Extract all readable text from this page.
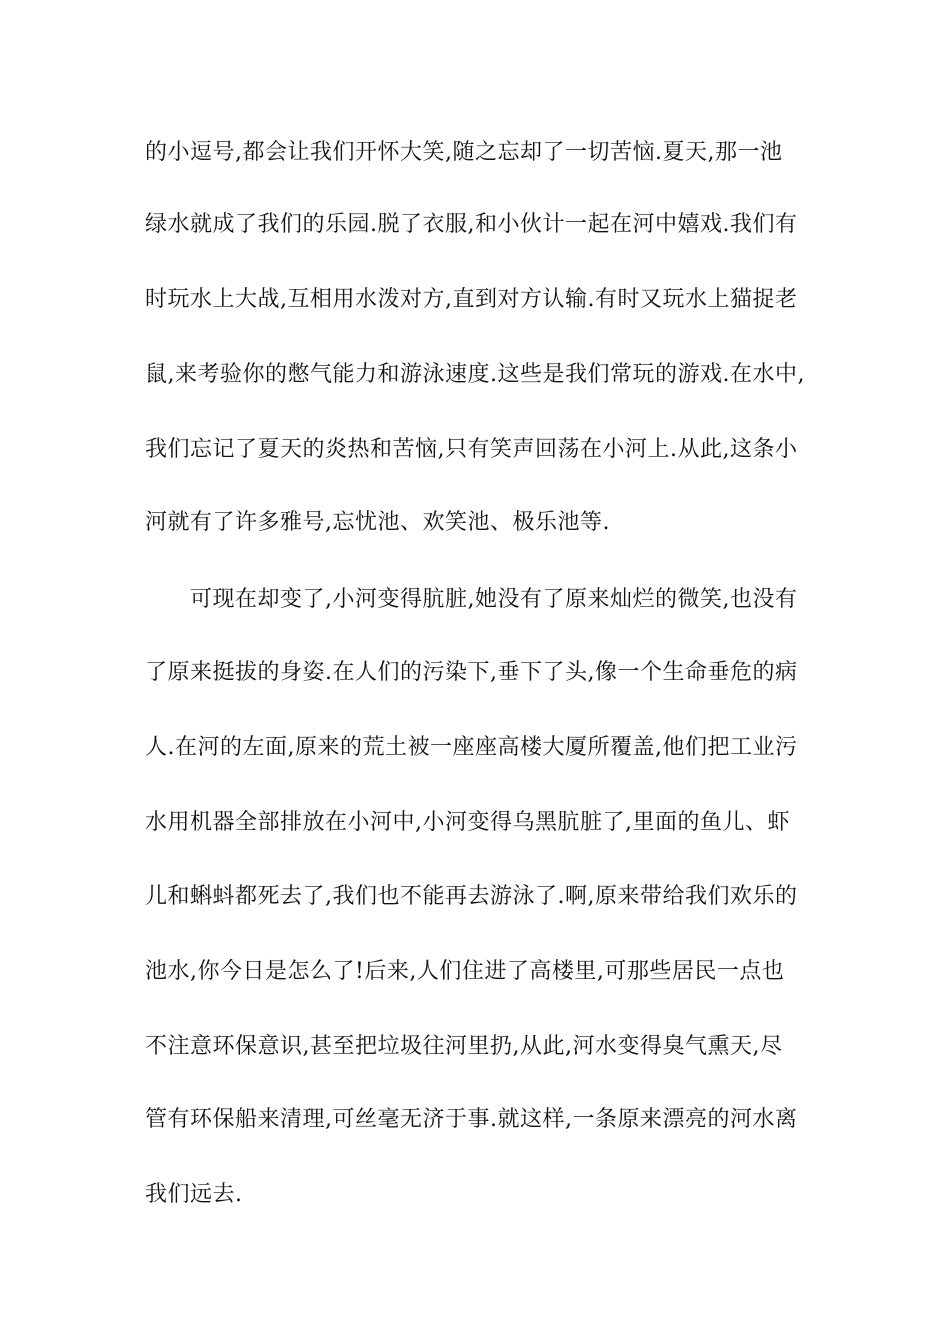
的小逗号,都会让我们开怀大笑,随之忘却了一切苦恼.夏天,那一池
绿水就成了我们的乐园.脱了衣服,和小伙计一起在河中嬉戏.我们有
时玩水上大战,互相用水泼对方,直到对方认输.有时又玩水上猫捉老
鼠,来考验你的憋气能力和游泳速度.这些是我们常玩的游戏.在水中,
我们忘记了夏天的炎热和苦恼,只有笑声回荡在小河上.从此,这条小
河就有了许多雅号,忘忧池、欢笑池、极乐池等.
可现在却变了,小河变得肮脏,她没有了原来灿烂的微笑,也没有
了原来挺拔的身姿.在人们的污染下,垂下了头,像一个生命垂危的病
人.在河的左面,原来的荒土被一座座高楼大厦所覆盖,他们把工业污
水用机器全部排放在小河中,小河变得乌黑肮脏了,里面的鱼儿、虾
儿和蝌蚪都死去了,我们也不能再去游泳了.啊,原来带给我们欢乐的
池水,你今日是怎么了!后来,人们住进了高楼里,可那些居民一点也
不注意环保意识,甚至把垃圾往河里扔,从此,河水变得臭气熏天,尽
管有环保船来清理,可丝毫无济于事.就这样,一条原来漂亮的河水离
我们远去.
